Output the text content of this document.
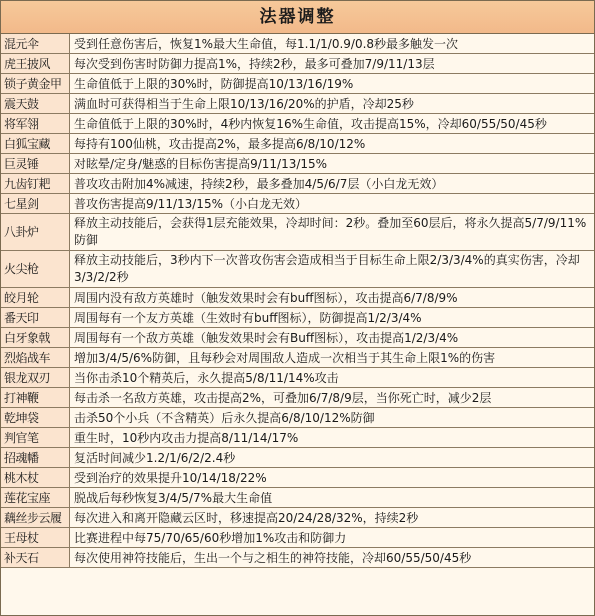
法器调整
混元伞	受到任意伤害后，恢复1%最大生命值，每1.1/1/0.9/0.8秒最多触发一次
虎王披风	每次受到伤害时防御力提高1%，持续2秒，最多可叠加7/9/11/13层
锁子黄金甲	生命值低于上限的30%时，防御提高10/13/16/19%
震天鼓	满血时可获得相当于生命上限10/13/16/20%的护盾，冷却25秒
将军翎	生命值低于上限的30%时，4秒内恢复16%生命值，攻击提高15%，冷却60/55/50/45秒
白狐宝藏	每持有100仙桃，攻击提高2%，最多提高6/8/10/12%
巨灵锤	对眩晕/定身/魅惑的目标伤害提高9/11/13/15%
九齿钉耙	普攻攻击附加4%减速，持续2秒，最多叠加4/5/6/7层（小白龙无效）
七星剑	普攻伤害提高9/11/13/15%（小白龙无效）
八卦炉	释放主动技能后，会获得1层充能效果，冷却时间：2秒。叠加至60层后，将永久提高5/7/9/11%防御
火尖枪	释放主动技能后，3秒内下一次普攻伤害会造成相当于目标生命上限2/3/3/4%的真实伤害，冷却3/3/2/2秒
皎月轮	周围内没有敌方英雄时（触发效果时会有buff图标），攻击提高6/7/8/9%
番天印	周围每有一个友方英雄（生效时有buff图标），防御提高1/2/3/4%
白牙象戟	周围每有一个敌方英雄（触发效果时会有Buff图标），攻击提高1/2/3/4%
烈焰战车	增加3/4/5/6%防御，且每秒会对周围敌人造成一次相当于其生命上限1%的伤害
银龙双刃	当你击杀10个精英后，永久提高5/8/11/14%攻击
打神鞭	每击杀一名敌方英雄，攻击提高2%，可叠加6/7/8/9层，当你死亡时，减少2层
乾坤袋	击杀50个小兵（不含精英）后永久提高6/8/10/12%防御
判官笔	重生时，10秒内攻击力提高8/11/14/17%
招魂幡	复活时间减少1.2/1/6/2/2.4秒
桃木杖	受到治疗的效果提升10/14/18/22%
莲花宝座	脱战后每秒恢复3/4/5/7%最大生命值
藕丝步云履	每次进入和离开隐藏云区时，移速提高20/24/28/32%，持续2秒
王母杖	比赛进程中每75/70/65/60秒增加1%攻击和防御力
补天石	每次使用神符技能后，生出一个与之相生的神符技能，冷却60/55/50/45秒
